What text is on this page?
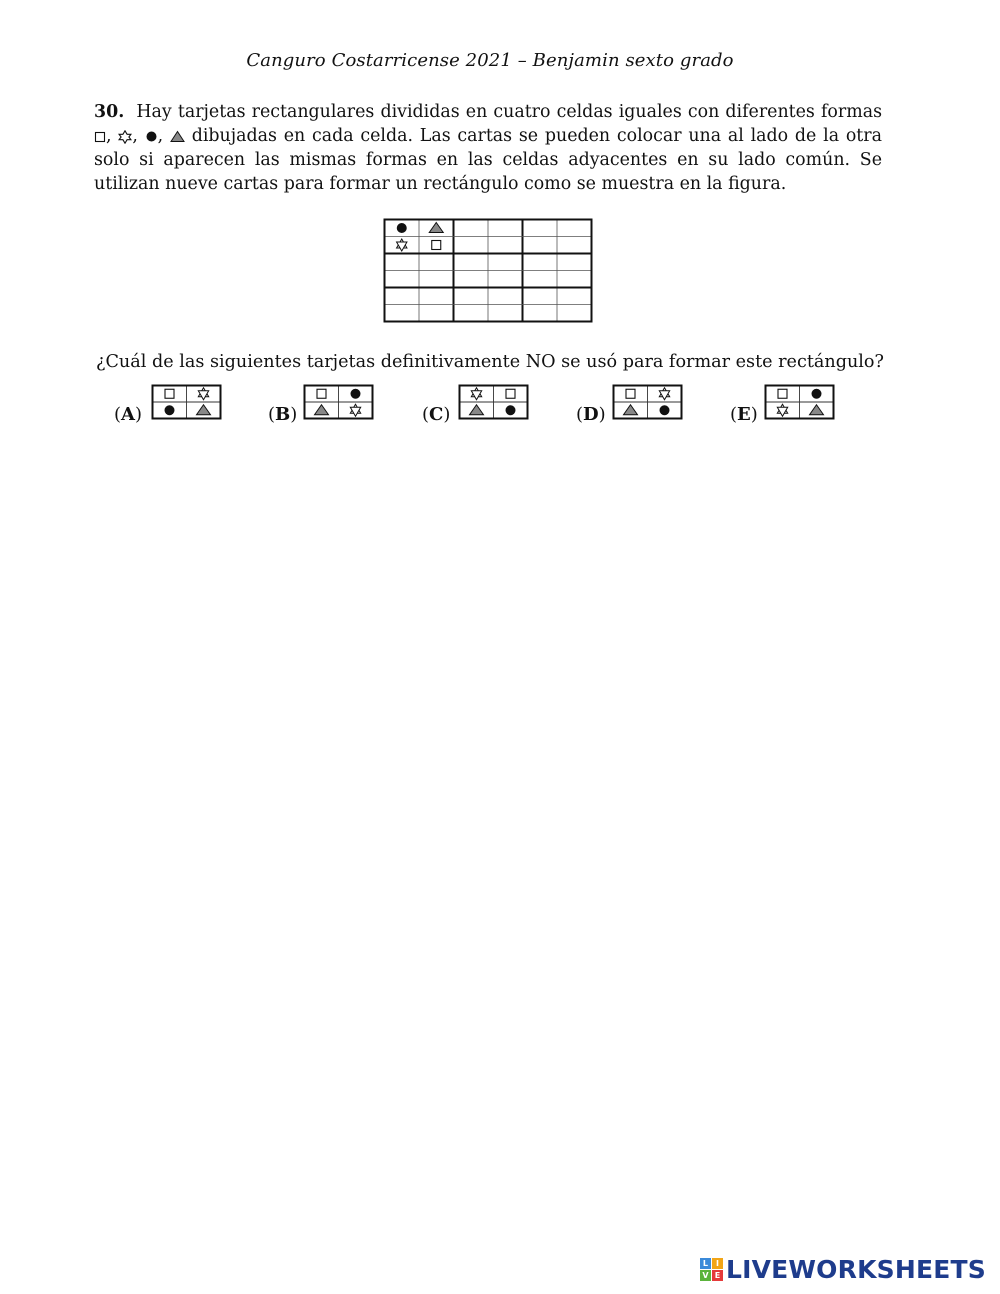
Canguro Costarricense 2021 – Benjamin sexto grado
30. Hay tarjetas rectangulares divididas en cuatro celdas iguales con diferentes formas , , ,  dibujadas en cada celda. Las cartas se pueden colocar una al lado de la otra solo si aparecen las mismas formas en las celdas adyacentes en su lado común. Se utilizan nueve cartas para formar un rectángulo como se muestra en la figura.
¿Cuál de las siguientes tarjetas definitivamente NO se usó para formar este rectángulo?
(A)	(B)	(C)	(D)	(E)
L I
V E LIVEWORKSHEETS
